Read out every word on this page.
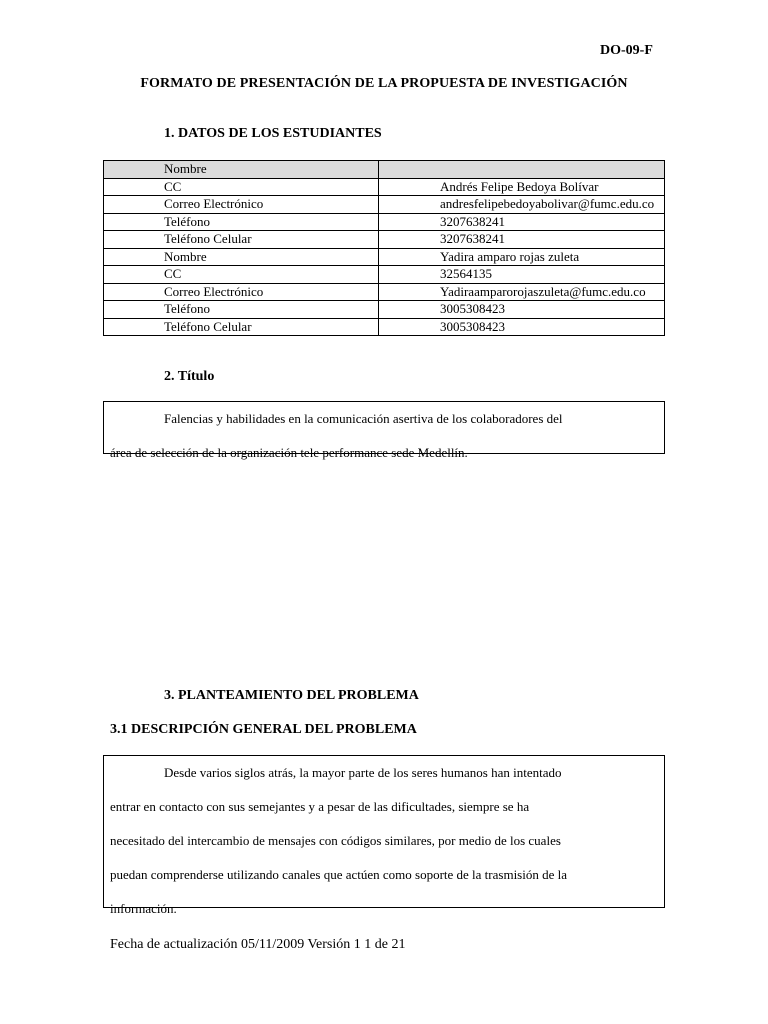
DO-09-F
FORMATO DE PRESENTACIÓN DE LA PROPUESTA DE INVESTIGACIÓN
1. DATOS DE LOS ESTUDIANTES
Nombre	
CC	Andrés Felipe Bedoya Bolívar
Correo Electrónico	andresfelipebedoyabolivar@fumc.edu.co
Teléfono	3207638241
Teléfono Celular	3207638241
Nombre	Yadira amparo rojas zuleta
CC	32564135
Correo Electrónico	Yadiraamparorojaszuleta@fumc.edu.co
Teléfono	3005308423
Teléfono Celular	3005308423
2. Título

Falencias y habilidades en la comunicación asertiva de los colaboradores del

área de selección de la organización tele performance sede Medellín.

3. PLANTEAMIENTO DEL PROBLEMA
3.1 DESCRIPCIÓN GENERAL DEL PROBLEMA

Desde varios siglos atrás, la mayor parte de los seres humanos han intentado

entrar en contacto con sus semejantes y a pesar de las dificultades, siempre se ha

necesitado del intercambio de mensajes con códigos similares, por medio de los cuales

puedan comprenderse utilizando canales que actúen como soporte de la trasmisión de la

información.

Fecha de actualización 05/11/2009 Versión 1 1 de 21
